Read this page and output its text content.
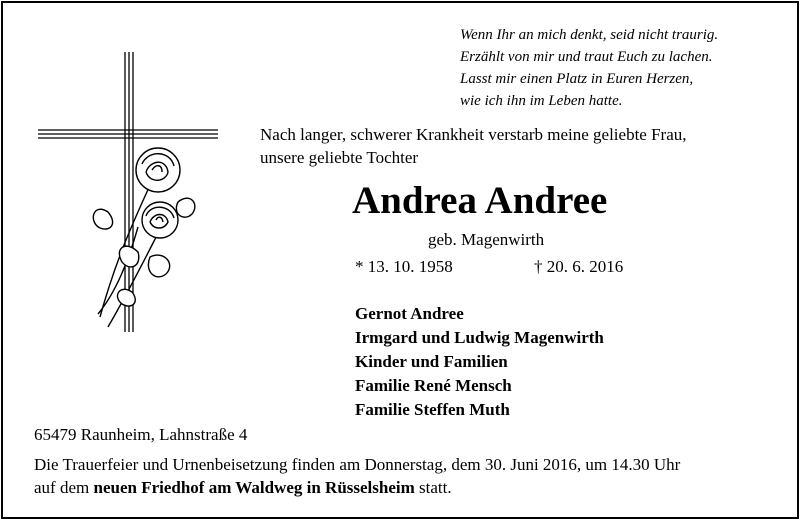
Wenn Ihr an mich denkt, seid nicht traurig.
Erzählt von mir und traut Euch zu lachen.
Lasst mir einen Platz in Euren Herzen,
wie ich ihn im Leben hatte.
Nach langer, schwerer Krankheit verstarb meine geliebte Frau,
unsere geliebte Tochter
Andrea Andree
geb. Magenwirth
* 13. 10. 1958	† 20. 6. 2016
Gernot Andree
Irmgard und Ludwig Magenwirth
Kinder und Familien
Familie René Mensch
Familie Steffen Muth
65479 Raunheim, Lahnstraße 4
Die Trauerfeier und Urnenbeisetzung finden am Donnerstag, dem 30. Juni 2016, um 14.30 Uhr
auf dem neuen Friedhof am Waldweg in Rüsselsheim statt.
